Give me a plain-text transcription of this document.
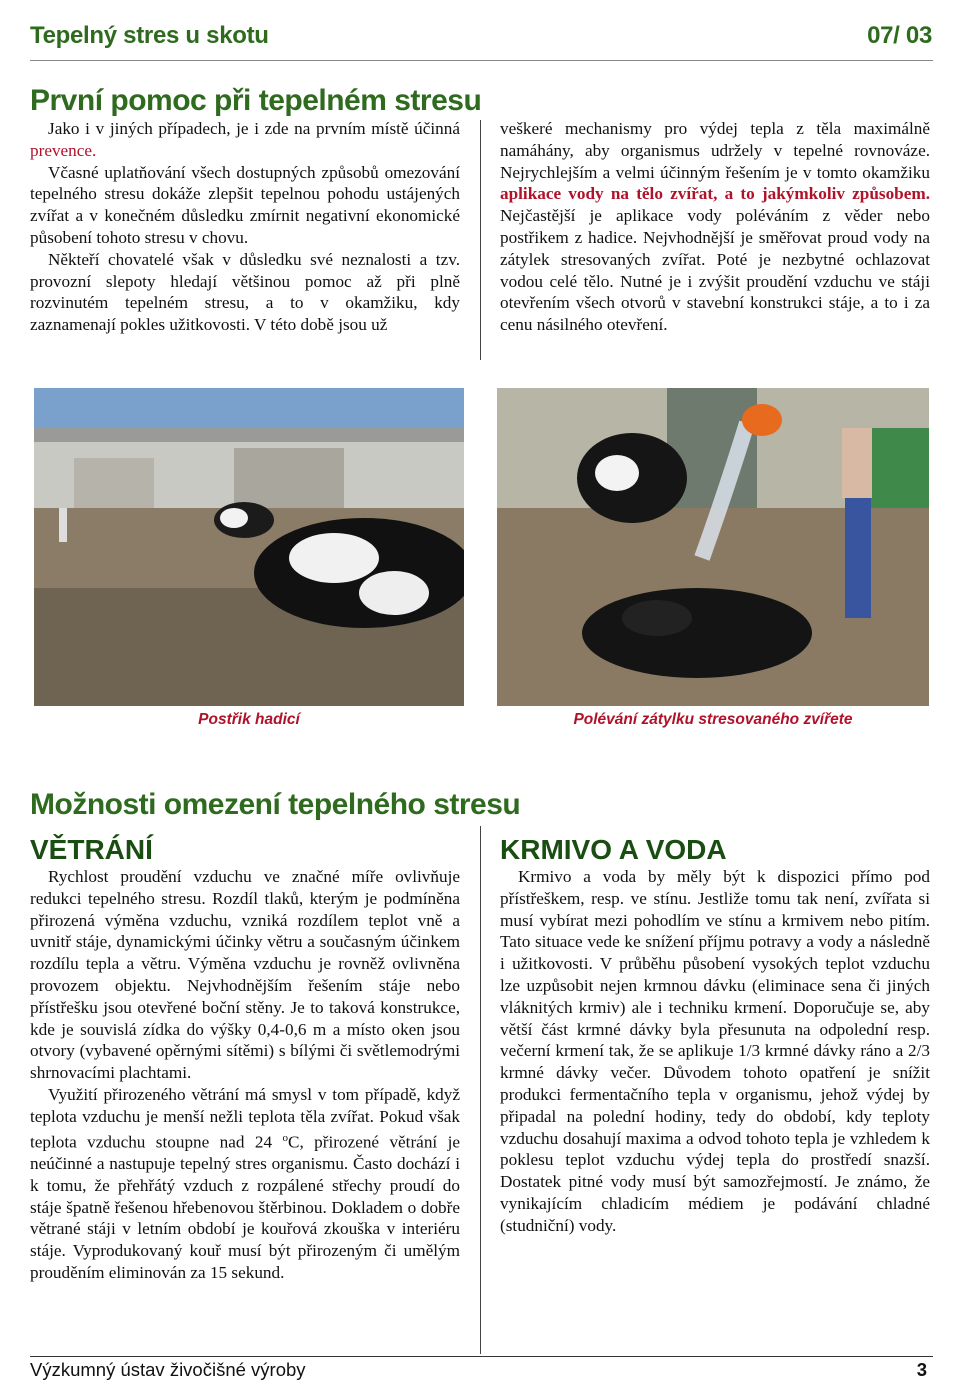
Tepelný stres u skotu	07/ 03
První pomoc při tepelném stresu

Jako i v jiných případech, je i zde na prvním místě účinná prevence.

Včasné uplatňování všech dostupných způsobů omezování tepelného stresu dokáže zlepšit tepelnou pohodu ustájených zvířat a v konečném důsledku zmírnit negativní ekonomické působení tohoto stresu v chovu.

Někteří chovatelé však v důsledku své neznalosti a tzv. provozní slepoty hledají většinou pomoc až při plně rozvinutém tepelném stresu, a to v okamžiku, kdy zaznamenají pokles užitkovosti. V této době jsou už

veškeré mechanismy pro výdej tepla z těla maximálně namáhány, aby organismus udržely v tepelné rovnováze. Nejrychlejším a velmi účinným řešením je v tomto okamžiku aplikace vody na tělo zvířat, a to jakýmkoliv způsobem. Nejčastější je aplikace vody poléváním z věder nebo postřikem z hadice. Nejvhodnější je směřovat proud vody na zátylek stresovaných zvířat. Poté je nezbytné ochlazovat vodou celé tělo. Nutné je i zvýšit proudění vzduchu ve stáji otevřením všech otvorů v stavební konstrukci stáje, a to i za cenu násilného otevření.

Postřik hadicí	Polévání zátylku stresovaného zvířete
Možnosti omezení tepelného stresu
VĚTRÁNÍ

Rychlost proudění vzduchu ve značné míře ovlivňuje redukci tepelného stresu. Rozdíl tlaků, kterým je podmíněna přirozená výměna vzduchu, vzniká rozdílem teplot vně a uvnitř stáje, dynamickými účinky větru a současným účinkem rozdílu tepla a větru. Výměna vzduchu je rovněž ovlivněna provozem objektu. Nejvhodnějším řešením stáje nebo přístřešku jsou otevřené boční stěny. Je to taková konstrukce, kde je souvislá zídka do výšky 0,4-0,6 m a místo oken jsou otvory (vybavené opěrnými sítěmi) s bílými či světlemodrými shrnovacími plachtami.

Využití přirozeného větrání má smysl v tom případě, když teplota vzduchu je menší nežli teplota těla zvířat. Pokud však teplota vzduchu stoupne nad 24 $^o$C, přirozené větrání je neúčinné a nastupuje tepelný stres organismu. Často dochází i k tomu, že přehřátý vzduch z rozpálené střechy proudí do stáje špatně řešenou hřebenovou štěrbinou. Dokladem o dobře větrané stáji v letním období je kouřová zkouška v interiéru stáje. Vyprodukovaný kouř musí být přirozeným či umělým prouděním eliminován za 15 sekund.

KRMIVO A VODA

Krmivo a voda by měly být k dispozici přímo pod přístřeškem, resp. ve stínu. Jestliže tomu tak není, zvířata si musí vybírat mezi pohodlím ve stínu a krmivem nebo pitím. Tato situace vede ke snížení příjmu potravy a vody a následně i užitkovosti. V průběhu působení vysokých teplot vzduchu lze uzpůsobit nejen krmnou dávku (eliminace sena či jiných vláknitých krmiv) ale i techniku krmení. Doporučuje se, aby větší část krmné dávky byla přesunuta na odpolední resp. večerní krmení tak, že se aplikuje 1/3 krmné dávky ráno a 2/3 krmné dávky večer. Důvodem tohoto opatření je snížit produkci fermentačního tepla v organismu, jehož výdej by připadal na polední hodiny, tedy do období, kdy teploty vzduchu dosahují maxima a odvod tohoto tepla je vzhledem k poklesu teplot vzduchu výdej tepla do prostředí snazší. Dostatek pitné vody musí být samozřejmostí. Je známo, že vynikajícím chladicím médiem je podávání chladné (studniční) vody.

Výzkumný ústav živočišné výroby	3
